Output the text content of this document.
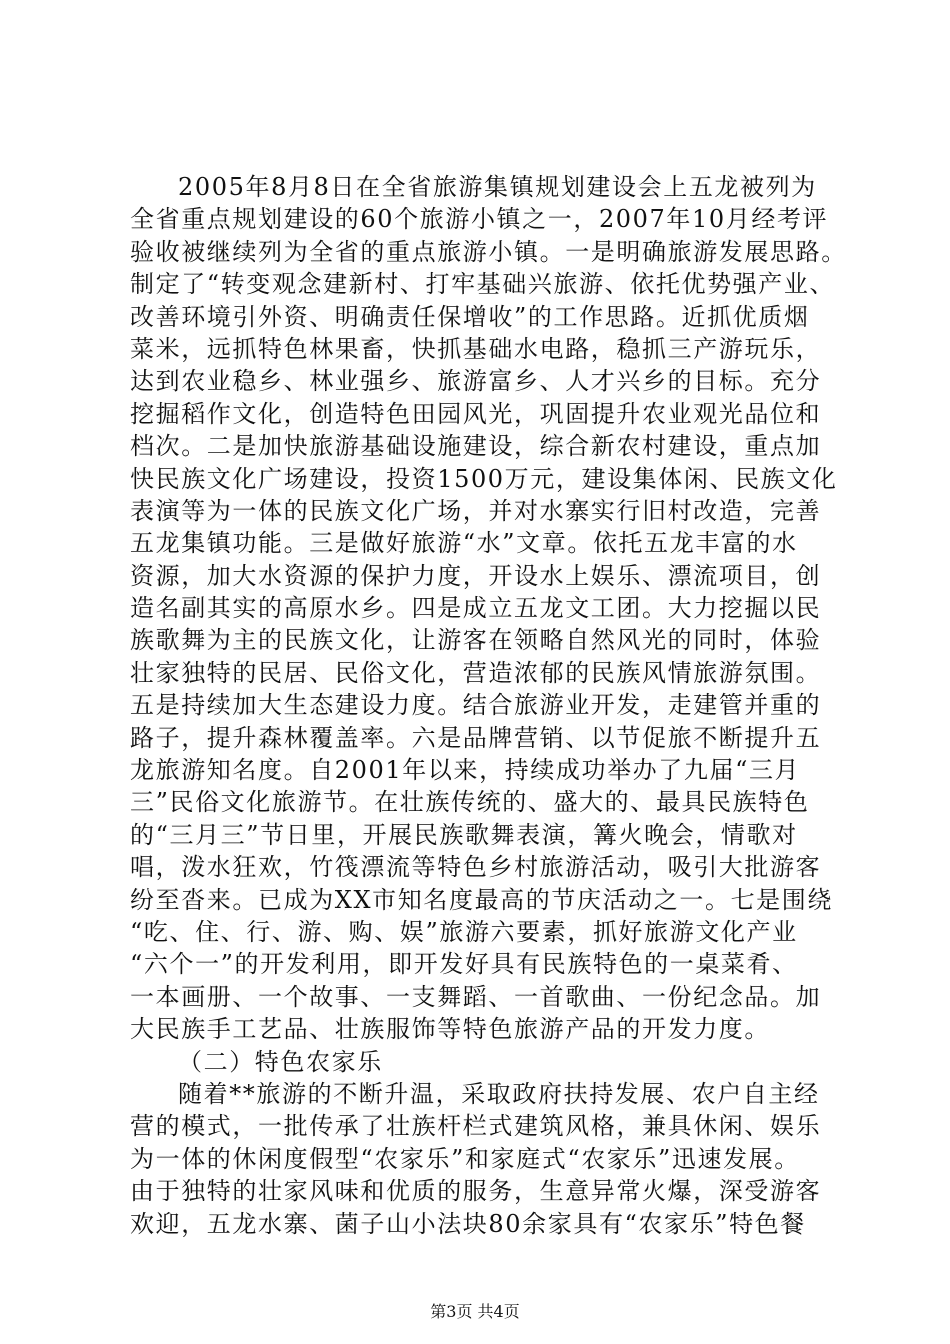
2005年8月8日在全省旅游集镇规划建设会上五龙被列为
全省重点规划建设的60个旅游小镇之一，2007年10月经考评
验收被继续列为全省的重点旅游小镇。一是明确旅游发展思路。
制定了“转变观念建新村、打牢基础兴旅游、依托优势强产业、
改善环境引外资、明确责任保增收”的工作思路。近抓优质烟
菜米，远抓特色林果畜，快抓基础水电路，稳抓三产游玩乐，
达到农业稳乡、林业强乡、旅游富乡、人才兴乡的目标。充分
挖掘稻作文化，创造特色田园风光，巩固提升农业观光品位和
档次。二是加快旅游基础设施建设，综合新农村建设，重点加
快民族文化广场建设，投资1500万元，建设集体闲、民族文化
表演等为一体的民族文化广场，并对水寨实行旧村改造，完善
五龙集镇功能。三是做好旅游“水”文章。依托五龙丰富的水
资源，加大水资源的保护力度，开设水上娱乐、漂流项目，创
造名副其实的高原水乡。四是成立五龙文工团。大力挖掘以民
族歌舞为主的民族文化，让游客在领略自然风光的同时，体验
壮家独特的民居、民俗文化，营造浓郁的民族风情旅游氛围。
五是持续加大生态建设力度。结合旅游业开发，走建管并重的
路子，提升森林覆盖率。六是品牌营销、以节促旅不断提升五
龙旅游知名度。自2001年以来，持续成功举办了九届“三月
三”民俗文化旅游节。在壮族传统的、盛大的、最具民族特色
的“三月三”节日里，开展民族歌舞表演，篝火晚会，情歌对
唱，泼水狂欢，竹筏漂流等特色乡村旅游活动，吸引大批游客
纷至沓来。已成为XX市知名度最高的节庆活动之一。七是围绕
“吃、住、行、游、购、娱”旅游六要素，抓好旅游文化产业
“六个一”的开发利用，即开发好具有民族特色的一桌菜肴、
一本画册、一个故事、一支舞蹈、一首歌曲、一份纪念品。加
大民族手工艺品、壮族服饰等特色旅游产品的开发力度。
（二）特色农家乐
随着**旅游的不断升温，采取政府扶持发展、农户自主经
营的模式，一批传承了壮族杆栏式建筑风格，兼具休闲、娱乐
为一体的休闲度假型“农家乐”和家庭式“农家乐”迅速发展。
由于独特的壮家风味和优质的服务，生意异常火爆，深受游客
欢迎，五龙水寨、菌子山小法块80余家具有“农家乐”特色餐
第3页 共4页
